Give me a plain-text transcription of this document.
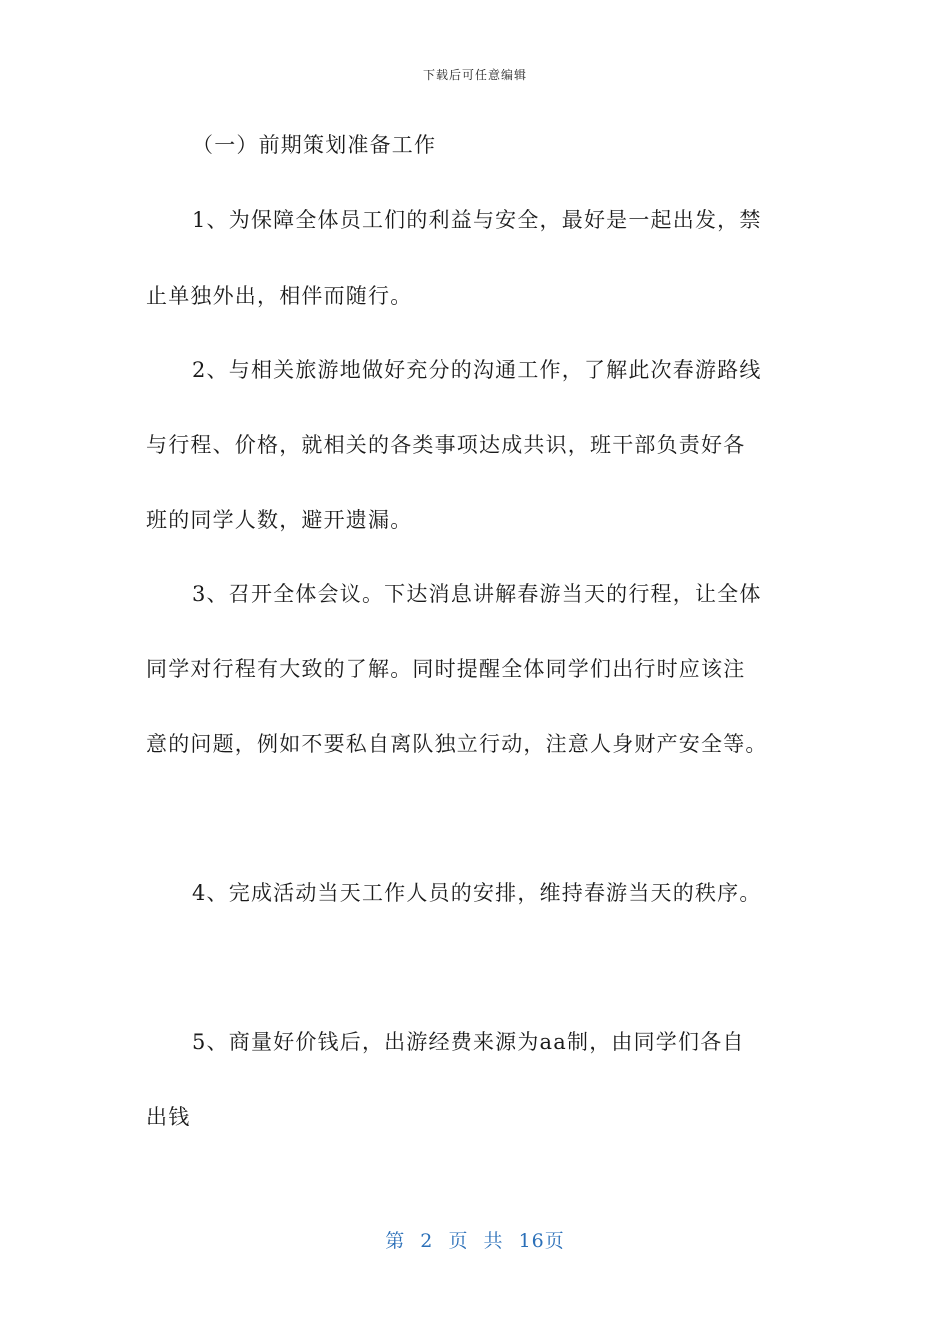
下载后可任意编辑
（一）前期策划准备工作
1、为保障全体员工们的利益与安全，最好是一起出发，禁
止单独外出，相伴而随行。
2、与相关旅游地做好充分的沟通工作，了解此次春游路线
与行程、价格，就相关的各类事项达成共识，班干部负责好各
班的同学人数，避开遗漏。
3、召开全体会议。下达消息讲解春游当天的行程，让全体
同学对行程有大致的了解。同时提醒全体同学们出行时应该注
意的问题，例如不要私自离队独立行动，注意人身财产安全等。
4、完成活动当天工作人员的安排，维持春游当天的秩序。
5、商量好价钱后，出游经费来源为aa制，由同学们各自
出钱
第 2 页 共 16页
